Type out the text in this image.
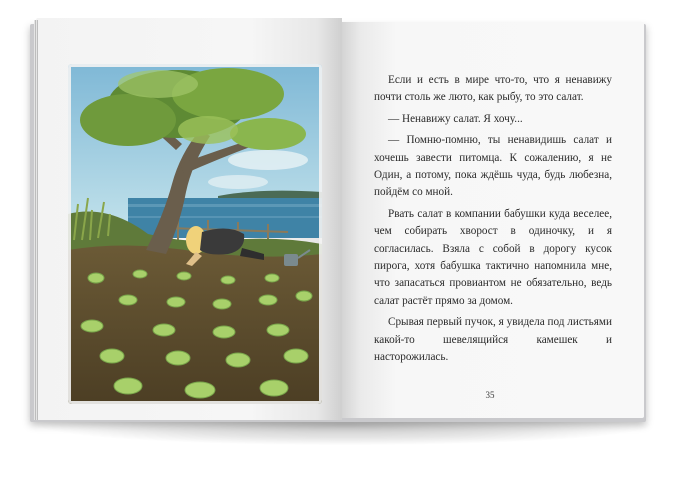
Если и есть в мире что-то, что я ненавижу почти столь же люто, как рыбу, то это салат.

— Ненавижу салат. Я хочу...

— Помню-помню, ты ненавидишь салат и хочешь завести питомца. К сожалению, я не Один, а потому, пока ждёшь чуда, будь любезна, пойдём со мной.

Рвать салат в компании бабушки куда веселее, чем собирать хворост в одиночку, и я согласилась. Взяла с собой в дорогу кусок пирога, хотя бабушка тактично напомнила мне, что запасаться провиантом не обязательно, ведь салат растёт прямо за домом.

Срывая первый пучок, я увидела под листьями какой-то шевелящийся камешек и насторожилась.

35
